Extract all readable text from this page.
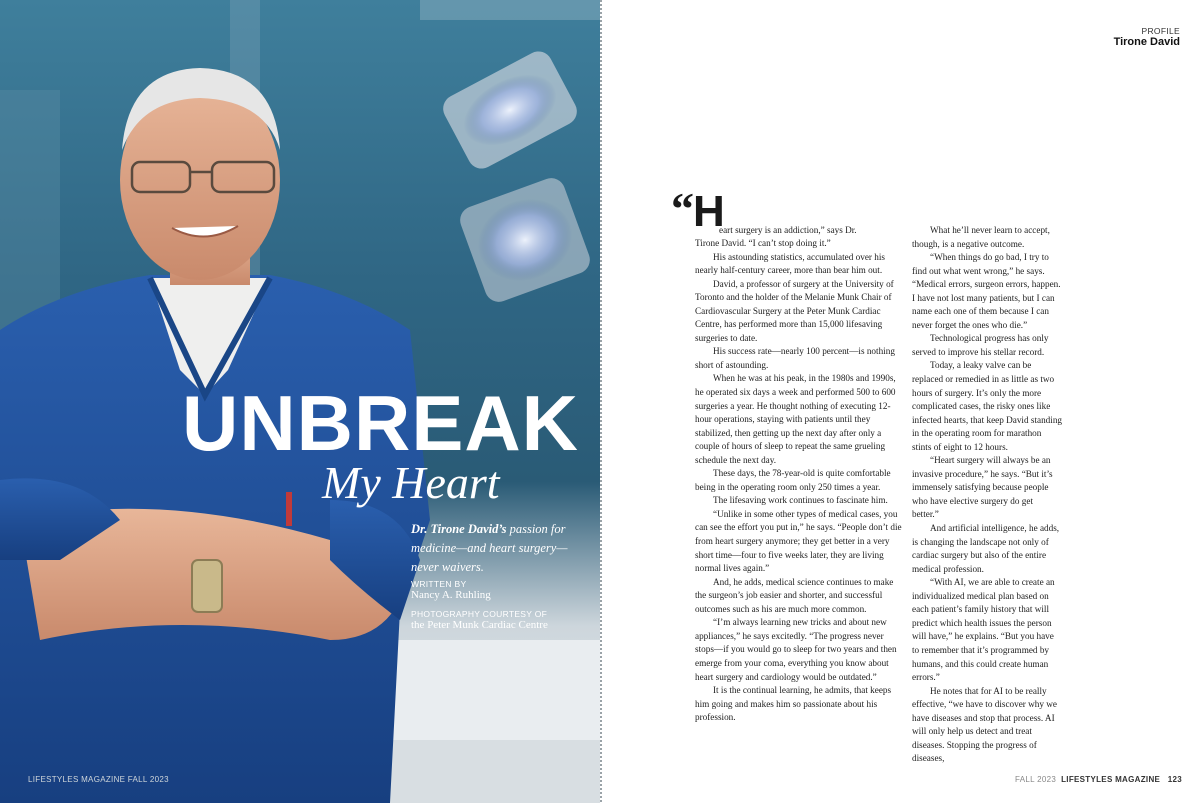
UNBREAK
My Heart
Dr. Tirone David’s passion for medicine—and heart surgery—never waivers.
WRITTEN BY
Nancy A. Ruhling
PHOTOGRAPHY COURTESY OF
the Peter Munk Cardiac Centre
LIFESTYLES MAGAZINE FALL 2023
PROFILE
Tirone David
“ H
eart surgery is an addiction,” says Dr.

Tirone David. “I can’t stop doing it.”

His astounding statistics, accumulated over his nearly half-century career, more than bear him out.

David, a professor of surgery at the University of Toronto and the holder of the Melanie Munk Chair of Cardiovascular Surgery at the Peter Munk Cardiac Centre, has performed more than 15,000 lifesaving surgeries to date.

His success rate—nearly 100 percent—is nothing short of astounding.

When he was at his peak, in the 1980s and 1990s, he operated six days a week and performed 500 to 600 surgeries a year. He thought nothing of executing 12-hour operations, staying with patients until they stabilized, then getting up the next day after only a couple of hours of sleep to repeat the same grueling schedule the next day.

These days, the 78-year-old is quite comfortable being in the operating room only 250 times a year.

The lifesaving work continues to fascinate him.

“Unlike in some other types of medical cases, you can see the effort you put in,” he says. “People don’t die from heart surgery anymore; they get better in a very short time—four to five weeks later, they are living normal lives again.”

And, he adds, medical science continues to make the surgeon’s job easier and shorter, and successful outcomes such as his are much more common.

“I’m always learning new tricks and about new appliances,” he says excitedly. “The progress never stops—if you would go to sleep for two years and then emerge from your coma, everything you know about heart surgery and cardiology would be outdated.”

It is the continual learning, he admits, that keeps him going and makes him so passionate about his profession.

What he’ll never learn to accept, though, is a negative outcome.

“When things do go bad, I try to find out what went wrong,” he says. “Medical errors, surgeon errors, happen. I have not lost many patients, but I can name each one of them because I can never forget the ones who die.”

Technological progress has only served to improve his stellar record.

Today, a leaky valve can be replaced or remedied in as little as two hours of surgery. It’s only the more complicated cases, the risky ones like infected hearts, that keep David standing in the operating room for marathon stints of eight to 12 hours.

“Heart surgery will always be an invasive procedure,” he says. “But it’s immensely satisfying because people who have elective surgery do get better.”

And artificial intelligence, he adds, is changing the landscape not only of cardiac surgery but also of the entire medical profession.

“With AI, we are able to create an individualized medical plan based on each patient’s family history that will predict which health issues the person will have,” he explains. “But you have to remember that it’s programmed by humans, and this could create human errors.”

He notes that for AI to be really effective, “we have to discover why we have diseases and stop that process. AI will only help us detect and treat diseases. Stopping the progress of diseases,

FALL 2023 LIFESTYLES MAGAZINE 123
